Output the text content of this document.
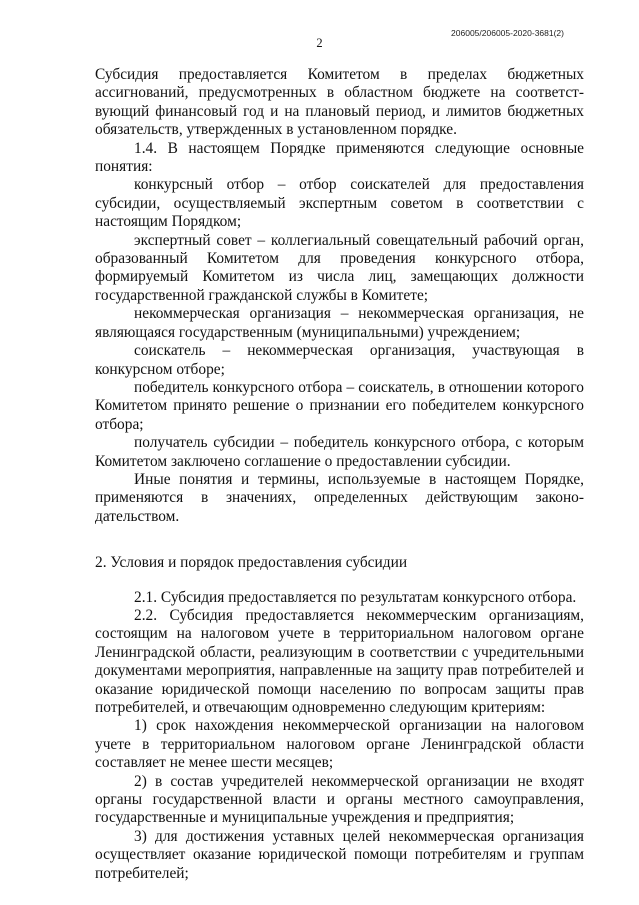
206005/206005-2020-3681(2)
2

Субсидия предоставляется Комитетом в пределах бюджетных ассигнований, предусмотренных в областном бюджете на соответст-вующий финансовый год и на плановый период, и лимитов бюджетных обязательств, утвержденных в установленном порядке.

1.4. В настоящем Порядке применяются следующие основные понятия:

конкурсный отбор – отбор соискателей для предоставления субсидии, осуществляемый экспертным советом в соответствии с настоящим Порядком;

экспертный совет – коллегиальный совещательный рабочий орган, образованный Комитетом для проведения конкурсного отбора, формируемый Комитетом из числа лиц, замещающих должности государственной гражданской службы в Комитете;

некоммерческая организация – некоммерческая организация, не являющаяся государственным (муниципальными) учреждением;

соискатель – некоммерческая организация, участвующая в конкурсном отборе;

победитель конкурсного отбора – соискатель, в отношении которого Комитетом принято решение о признании его победителем конкурсного отбора;

получатель субсидии – победитель конкурсного отбора, с которым Комитетом заключено соглашение о предоставлении субсидии.

Иные понятия и термины, используемые в настоящем Порядке, применяются в значениях, определенных действующим законо-дательством.

2. Условия и порядок предоставления субсидии

2.1. Субсидия предоставляется по результатам конкурсного отбора.

2.2. Субсидия предоставляется некоммерческим организациям, состоящим на налоговом учете в территориальном налоговом органе Ленинградской области, реализующим в соответствии с учредительными документами мероприятия, направленные на защиту прав потребителей и оказание юридической помощи населению по вопросам защиты прав потребителей, и отвечающим одновременно следующим критериям:

1) срок нахождения некоммерческой организации на налоговом учете в территориальном налоговом органе Ленинградской области составляет не менее шести месяцев;

2) в состав учредителей некоммерческой организации не входят органы государственной власти и органы местного самоуправления, государственные и муниципальные учреждения и предприятия;

3) для достижения уставных целей некоммерческая организация осуществляет оказание юридической помощи потребителям и группам потребителей;
